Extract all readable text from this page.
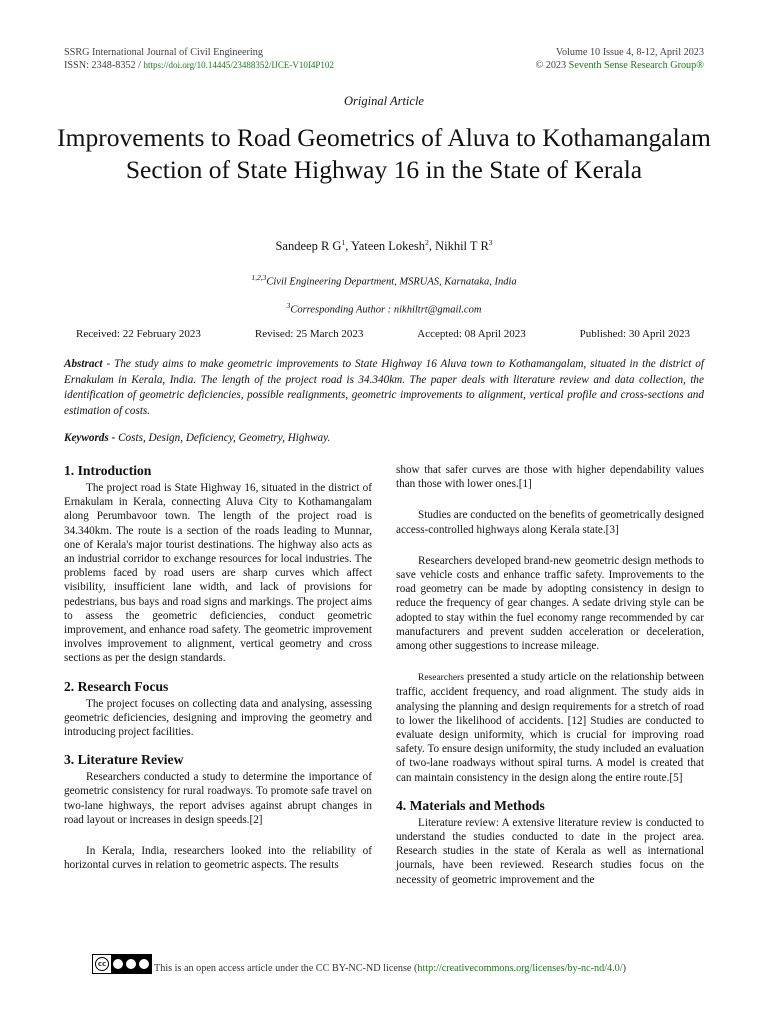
SSRG International Journal of Civil Engineering
ISSN: 2348-8352 / https://doi.org/10.14445/23488352/IJCE-V10I4P102
Volume 10 Issue 4, 8-12, April 2023
© 2023 Seventh Sense Research Group®
Original Article
Improvements to Road Geometrics of Aluva to Kothamangalam Section of State Highway 16 in the State of Kerala
Sandeep R $G^1$, Yateen Lokesh$^2$, Nikhil T $R^3$
$^{1,2,3}$Civil Engineering Department, MSRUAS, Karnataka, India
$^3$Corresponding Author : nikhiltrt@gmail.com
Received: 22 February 2023	Revised: 25 March 2023	Accepted: 08 April 2023	Published: 30 April 2023

Abstract - The study aims to make geometric improvements to State Highway 16 Aluva town to Kothamangalam, situated in the district of Ernakulam in Kerala, India. The length of the project road is 34.340km. The paper deals with literature review and data collection, the identification of geometric deficiencies, possible realignments, geometric improvements to alignment, vertical profile and cross-sections and estimation of costs.

Keywords - Costs, Design, Deficiency, Geometry, Highway.

1. Introduction

The project road is State Highway 16, situated in the district of Ernakulam in Kerala, connecting Aluva City to Kothamangalam along Perumbavoor town. The length of the project road is 34.340km. The route is a section of the roads leading to Munnar, one of Kerala's major tourist destinations. The highway also acts as an industrial corridor to exchange resources for local industries. The problems faced by road users are sharp curves which affect visibility, insufficient lane width, and lack of provisions for pedestrians, bus bays and road signs and markings. The project aims to assess the geometric deficiencies, conduct geometric improvement, and enhance road safety. The geometric improvement involves improvement to alignment, vertical geometry and cross sections as per the design standards.

2. Research Focus

The project focuses on collecting data and analysing, assessing geometric deficiencies, designing and improving the geometry and introducing project facilities.

3. Literature Review

Researchers conducted a study to determine the importance of geometric consistency for rural roadways. To promote safe travel on two-lane highways, the report advises against abrupt changes in road layout or increases in design speeds.[2]

In Kerala, India, researchers looked into the reliability of horizontal curves in relation to geometric aspects. The results

show that safer curves are those with higher dependability values than those with lower ones.[1]

Studies are conducted on the benefits of geometrically designed access-controlled highways along Kerala state.[3]

Researchers developed brand-new geometric design methods to save vehicle costs and enhance traffic safety. Improvements to the road geometry can be made by adopting consistency in design to reduce the frequency of gear changes. A sedate driving style can be adopted to stay within the fuel economy range recommended by car manufacturers and prevent sudden acceleration or deceleration, among other suggestions to increase mileage.

Researchers presented a study article on the relationship between traffic, accident frequency, and road alignment. The study aids in analysing the planning and design requirements for a stretch of road to lower the likelihood of accidents. [12] Studies are conducted to evaluate design uniformity, which is crucial for improving road safety. To ensure design uniformity, the study included an evaluation of two-lane roadways without spiral turns. A model is created that can maintain consistency in the design along the entire route.[5]

4. Materials and Methods

Literature review: A extensive literature review is conducted to understand the studies conducted to date in the project area. Research studies in the state of Kerala as well as international journals, have been reviewed. Research studies focus on the necessity of geometric improvement and the

cc	This is an open access article under the CC BY-NC-ND license ( http://creativecommons.org/licenses/by-nc-nd/4.0/ )
